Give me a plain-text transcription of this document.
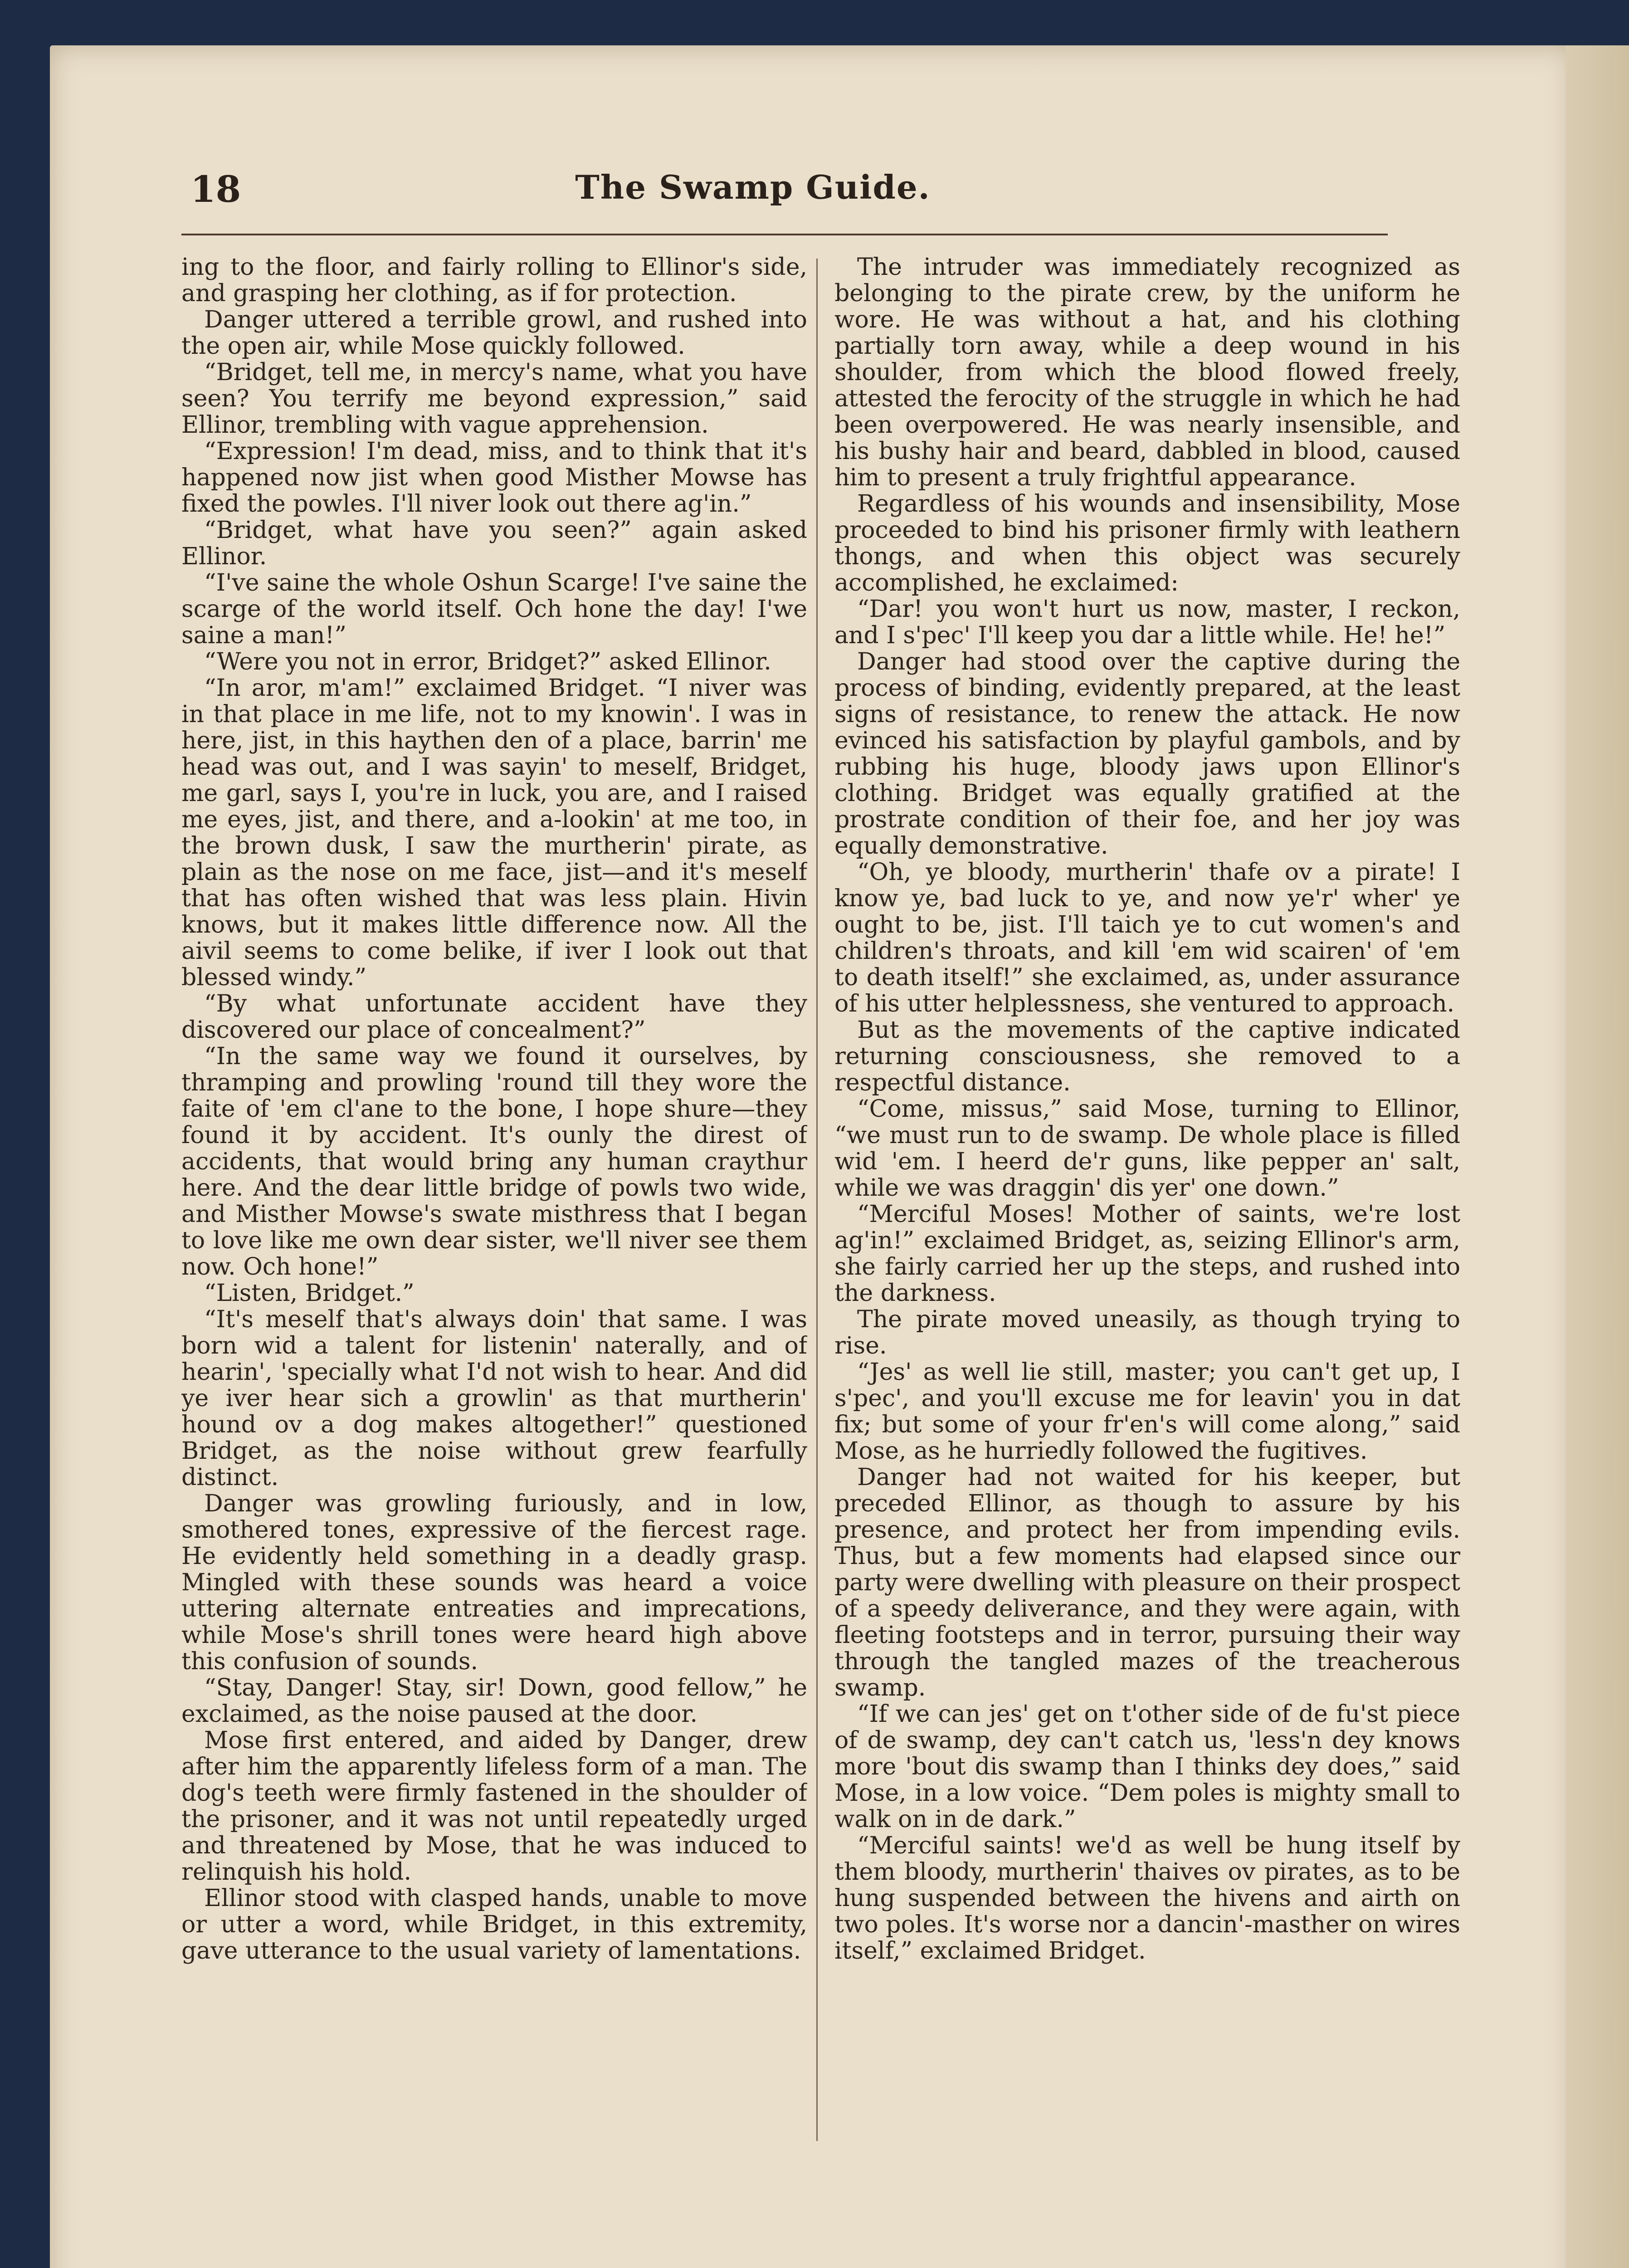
18	The Swamp Guide.

ing to the floor, and fairly rolling to Ellinor's side, and grasping her clothing, as if for protection.

Danger uttered a terrible growl, and rushed into the open air, while Mose quickly followed.

“Bridget, tell me, in mercy's name, what you have seen? You terrify me beyond expression,” said Ellinor, trembling with vague apprehension.

“Expression! I'm dead, miss, and to think that it's happened now jist when good Misther Mowse has fixed the powles. I'll niver look out there ag'in.”

“Bridget, what have you seen?” again asked Ellinor.

“I've saine the whole Oshun Scarge! I've saine the scarge of the world itself. Och hone the day! I'we saine a man!”

“Were you not in error, Bridget?” asked Ellinor.

“In aror, m'am!” exclaimed Bridget. “I niver was in that place in me life, not to my knowin'. I was in here, jist, in this haythen den of a place, barrin' me head was out, and I was sayin' to meself, Bridget, me garl, says I, you're in luck, you are, and I raised me eyes, jist, and there, and a-lookin' at me too, in the brown dusk, I saw the murtherin' pirate, as plain as the nose on me face, jist—and it's meself that has often wished that was less plain. Hivin knows, but it makes little difference now. All the aivil seems to come belike, if iver I look out that blessed windy.”

“By what unfortunate accident have they discovered our place of concealment?”

“In the same way we found it ourselves, by thramping and prowling 'round till they wore the faite of 'em cl'ane to the bone, I hope shure—they found it by accident. It's ounly the direst of accidents, that would bring any human craythur here. And the dear little bridge of powls two wide, and Misther Mowse's swate misthress that I began to love like me own dear sister, we'll niver see them now. Och hone!”

“Listen, Bridget.”

“It's meself that's always doin' that same. I was born wid a talent for listenin' naterally, and of hearin', 'specially what I'd not wish to hear. And did ye iver hear sich a growlin' as that murtherin' hound ov a dog makes altogether!” questioned Bridget, as the noise without grew fearfully distinct.

Danger was growling furiously, and in low, smothered tones, expressive of the fiercest rage. He evidently held something in a deadly grasp. Mingled with these sounds was heard a voice uttering alternate entreaties and imprecations, while Mose's shrill tones were heard high above this confusion of sounds.

“Stay, Danger! Stay, sir! Down, good fellow,” he exclaimed, as the noise paused at the door.

Mose first entered, and aided by Danger, drew after him the apparently lifeless form of a man. The dog's teeth were firmly fastened in the shoulder of the prisoner, and it was not until repeatedly urged and threatened by Mose, that he was induced to relinquish his hold.

Ellinor stood with clasped hands, unable to move or utter a word, while Bridget, in this extremity, gave utterance to the usual variety of lamentations.

The intruder was immediately recognized as belonging to the pirate crew, by the uniform he wore. He was without a hat, and his clothing partially torn away, while a deep wound in his shoulder, from which the blood flowed freely, attested the ferocity of the struggle in which he had been overpowered. He was nearly insensible, and his bushy hair and beard, dabbled in blood, caused him to present a truly frightful appearance.

Regardless of his wounds and insensibility, Mose proceeded to bind his prisoner firmly with leathern thongs, and when this object was securely accomplished, he exclaimed:

“Dar! you won't hurt us now, master, I reckon, and I s'pec' I'll keep you dar a little while. He! he!”

Danger had stood over the captive during the process of binding, evidently prepared, at the least signs of resistance, to renew the attack. He now evinced his satisfaction by playful gambols, and by rubbing his huge, bloody jaws upon Ellinor's clothing. Bridget was equally gratified at the prostrate condition of their foe, and her joy was equally demonstrative.

“Oh, ye bloody, murtherin' thafe ov a pirate! I know ye, bad luck to ye, and now ye'r' wher' ye ought to be, jist. I'll taich ye to cut women's and children's throats, and kill 'em wid scairen' of 'em to death itself!” she exclaimed, as, under assurance of his utter helplessness, she ventured to approach.

But as the movements of the captive indicated returning consciousness, she removed to a respectful distance.

“Come, missus,” said Mose, turning to Ellinor, “we must run to de swamp. De whole place is filled wid 'em. I heerd de'r guns, like pepper an' salt, while we was draggin' dis yer' one down.”

“Merciful Moses! Mother of saints, we're lost ag'in!” exclaimed Bridget, as, seizing Ellinor's arm, she fairly carried her up the steps, and rushed into the darkness.

The pirate moved uneasily, as though trying to rise.

“Jes' as well lie still, master; you can't get up, I s'pec', and you'll excuse me for leavin' you in dat fix; but some of your fr'en's will come along,” said Mose, as he hurriedly followed the fugitives.

Danger had not waited for his keeper, but preceded Ellinor, as though to assure by his presence, and protect her from impending evils. Thus, but a few moments had elapsed since our party were dwelling with pleasure on their prospect of a speedy deliverance, and they were again, with fleeting footsteps and in terror, pursuing their way through the tangled mazes of the treacherous swamp.

“If we can jes' get on t'other side of de fu'st piece of de swamp, dey can't catch us, 'less'n dey knows more 'bout dis swamp than I thinks dey does,” said Mose, in a low voice. “Dem poles is mighty small to walk on in de dark.”

“Merciful saints! we'd as well be hung itself by them bloody, murtherin' thaives ov pirates, as to be hung suspended between the hivens and airth on two poles. It's worse nor a dancin'-masther on wires itself,” exclaimed Bridget.
